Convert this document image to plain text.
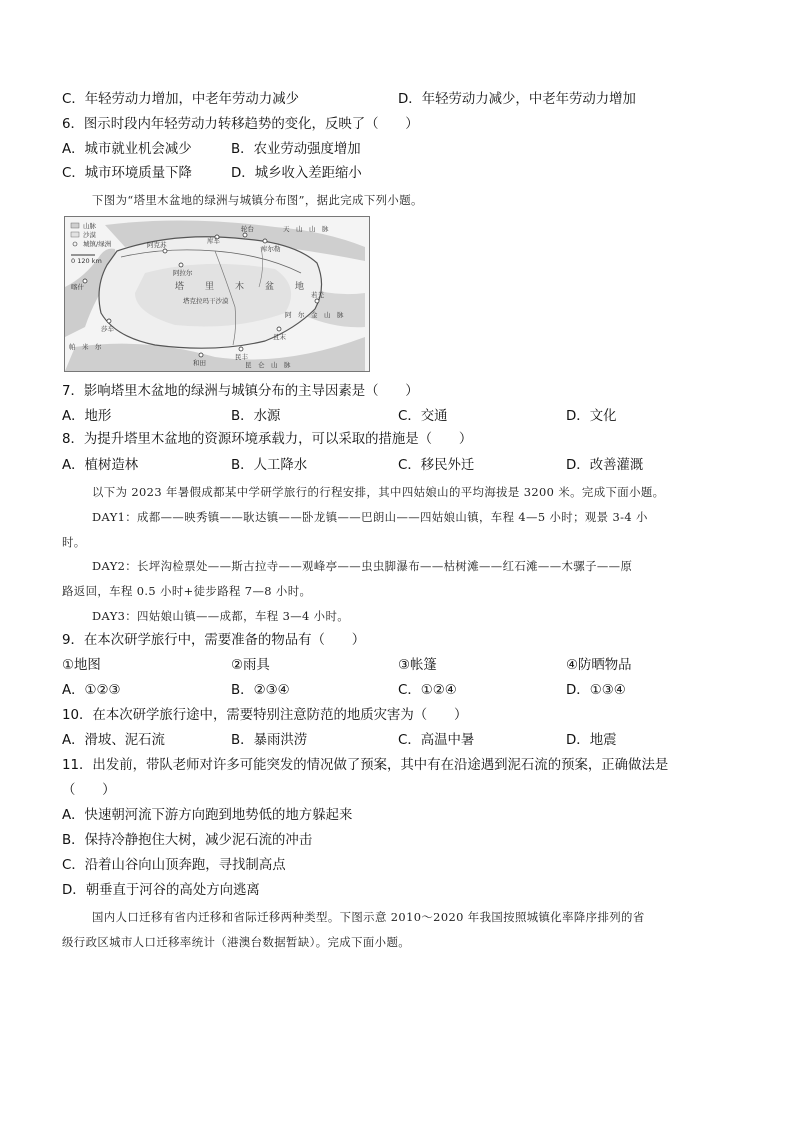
C．年轻劳动力增加，中老年劳动力减少	D．年轻劳动力减少，中老年劳动力增加
6．图示时段内年轻劳动力转移趋势的变化，反映了（　　）
A．城市就业机会减少	B．农业劳动强度增加
C．城市环境质量下降	D．城乡收入差距缩小
下图为“塔里木盆地的绿洲与城镇分布图”，据此完成下列小题。
山脉
沙漠
城镇/绿洲
0 120 km
库车
轮台
库尔勒
阿克苏
阿拉尔
喀什
莎车
和田
民丰
且末
若羌
塔 里 木 盆 地
塔克拉玛干沙漠
天　山　山　脉
昆　仑　山　脉
阿　尔　金　山　脉
帕　米　尔
7．影响塔里木盆地的绿洲与城镇分布的主导因素是（　　）
A．地形	B．水源	C．交通	D．文化
8．为提升塔里木盆地的资源环境承载力，可以采取的措施是（　　）
A．植树造林	B．人工降水	C．移民外迁	D．改善灌溉
以下为 2023 年暑假成都某中学研学旅行的行程安排，其中四姑娘山的平均海拔是 3200 米。完成下面小题。
DAY1：成都——映秀镇——耿达镇——卧龙镇——巴朗山——四姑娘山镇，车程 4—5 小时；观景 3-4 小
时。
DAY2：长坪沟检票处——斯古拉寺——观峰亭——虫虫脚瀑布——枯树滩——红石滩——木骡子——原
路返回，车程 0.5 小时+徒步路程 7—8 小时。
DAY3：四姑娘山镇——成都，车程 3—4 小时。
9．在本次研学旅行中，需要准备的物品有（　　）
①地图	②雨具	③帐篷	④防晒物品
A．①②③	B．②③④	C．①②④	D．①③④
10．在本次研学旅行途中，需要特别注意防范的地质灾害为（　　）
A．滑坡、泥石流	B．暴雨洪涝	C．高温中暑	D．地震
11．出发前，带队老师对许多可能突发的情况做了预案，其中有在沿途遇到泥石流的预案，正确做法是
（　　）
A．快速朝河流下游方向跑到地势低的地方躲起来
B．保持冷静抱住大树，减少泥石流的冲击
C．沿着山谷向山顶奔跑，寻找制高点
D．朝垂直于河谷的高处方向逃离
国内人口迁移有省内迁移和省际迁移两种类型。下图示意 2010～2020 年我国按照城镇化率降序排列的省
级行政区城市人口迁移率统计（港澳台数据暂缺）。完成下面小题。
